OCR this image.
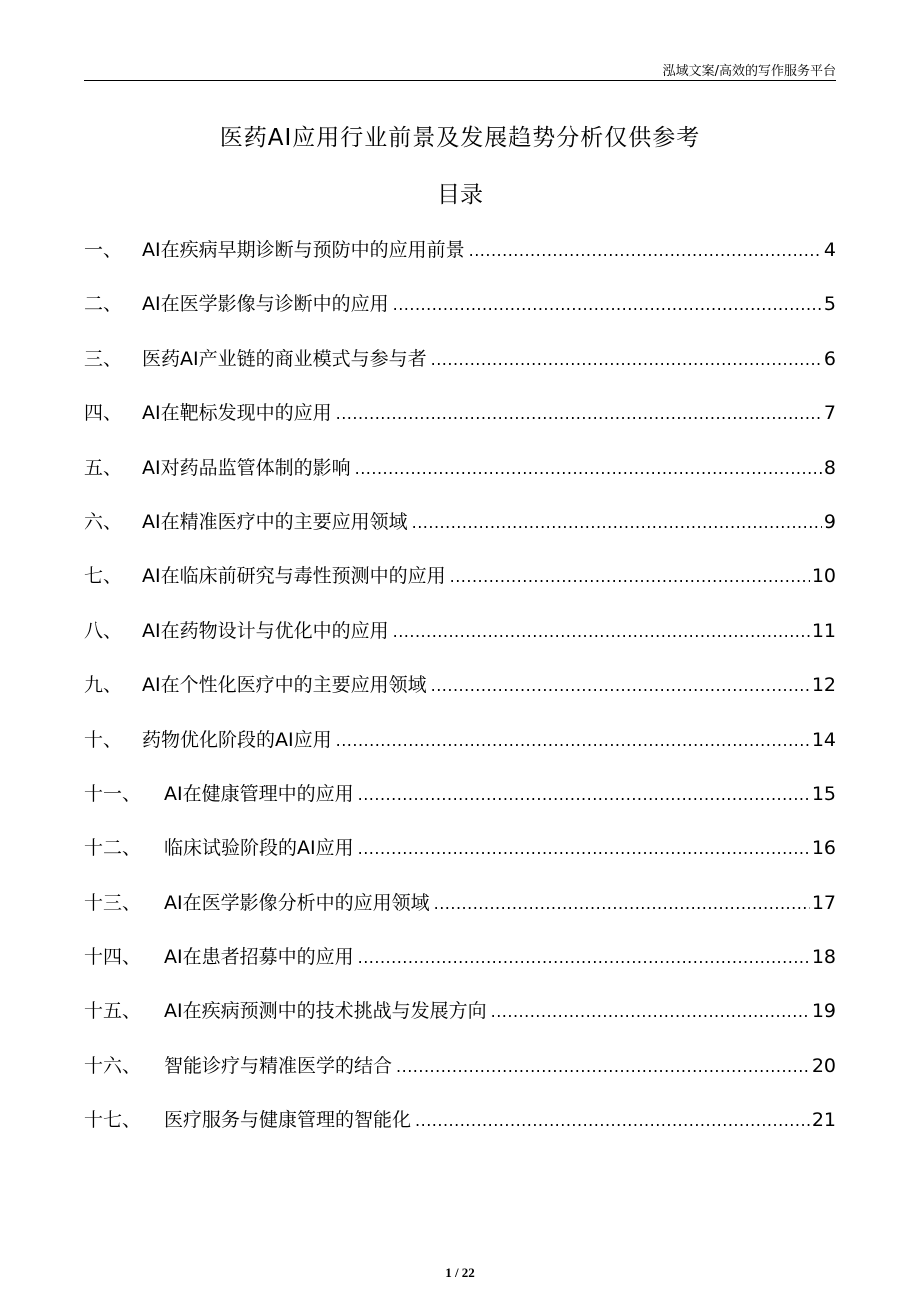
泓域文案/高效的写作服务平台
医药AI应用行业前景及发展趋势分析仅供参考
目录
一、	AI在疾病早期诊断与预防中的应用前景 .....	4
二、	AI在医学影像与诊断中的应用 .....	5
三、	医药AI产业链的商业模式与参与者 .....	6
四、	AI在靶标发现中的应用 .....	7
五、	AI对药品监管体制的影响 .....	8
六、	AI在精准医疗中的主要应用领域 .....	9
七、	AI在临床前研究与毒性预测中的应用 .....	10
八、	AI在药物设计与优化中的应用 .....	11
九、	AI在个性化医疗中的主要应用领域 .....	12
十、	药物优化阶段的AI应用 .....	14
十一、	AI在健康管理中的应用 .....	15
十二、	临床试验阶段的AI应用 .....	16
十三、	AI在医学影像分析中的应用领域 .....	17
十四、	AI在患者招募中的应用 .....	18
十五、	AI在疾病预测中的技术挑战与发展方向 .....	19
十六、	智能诊疗与精准医学的结合 .....	20
十七、	医疗服务与健康管理的智能化 .....	21
1 / 22
